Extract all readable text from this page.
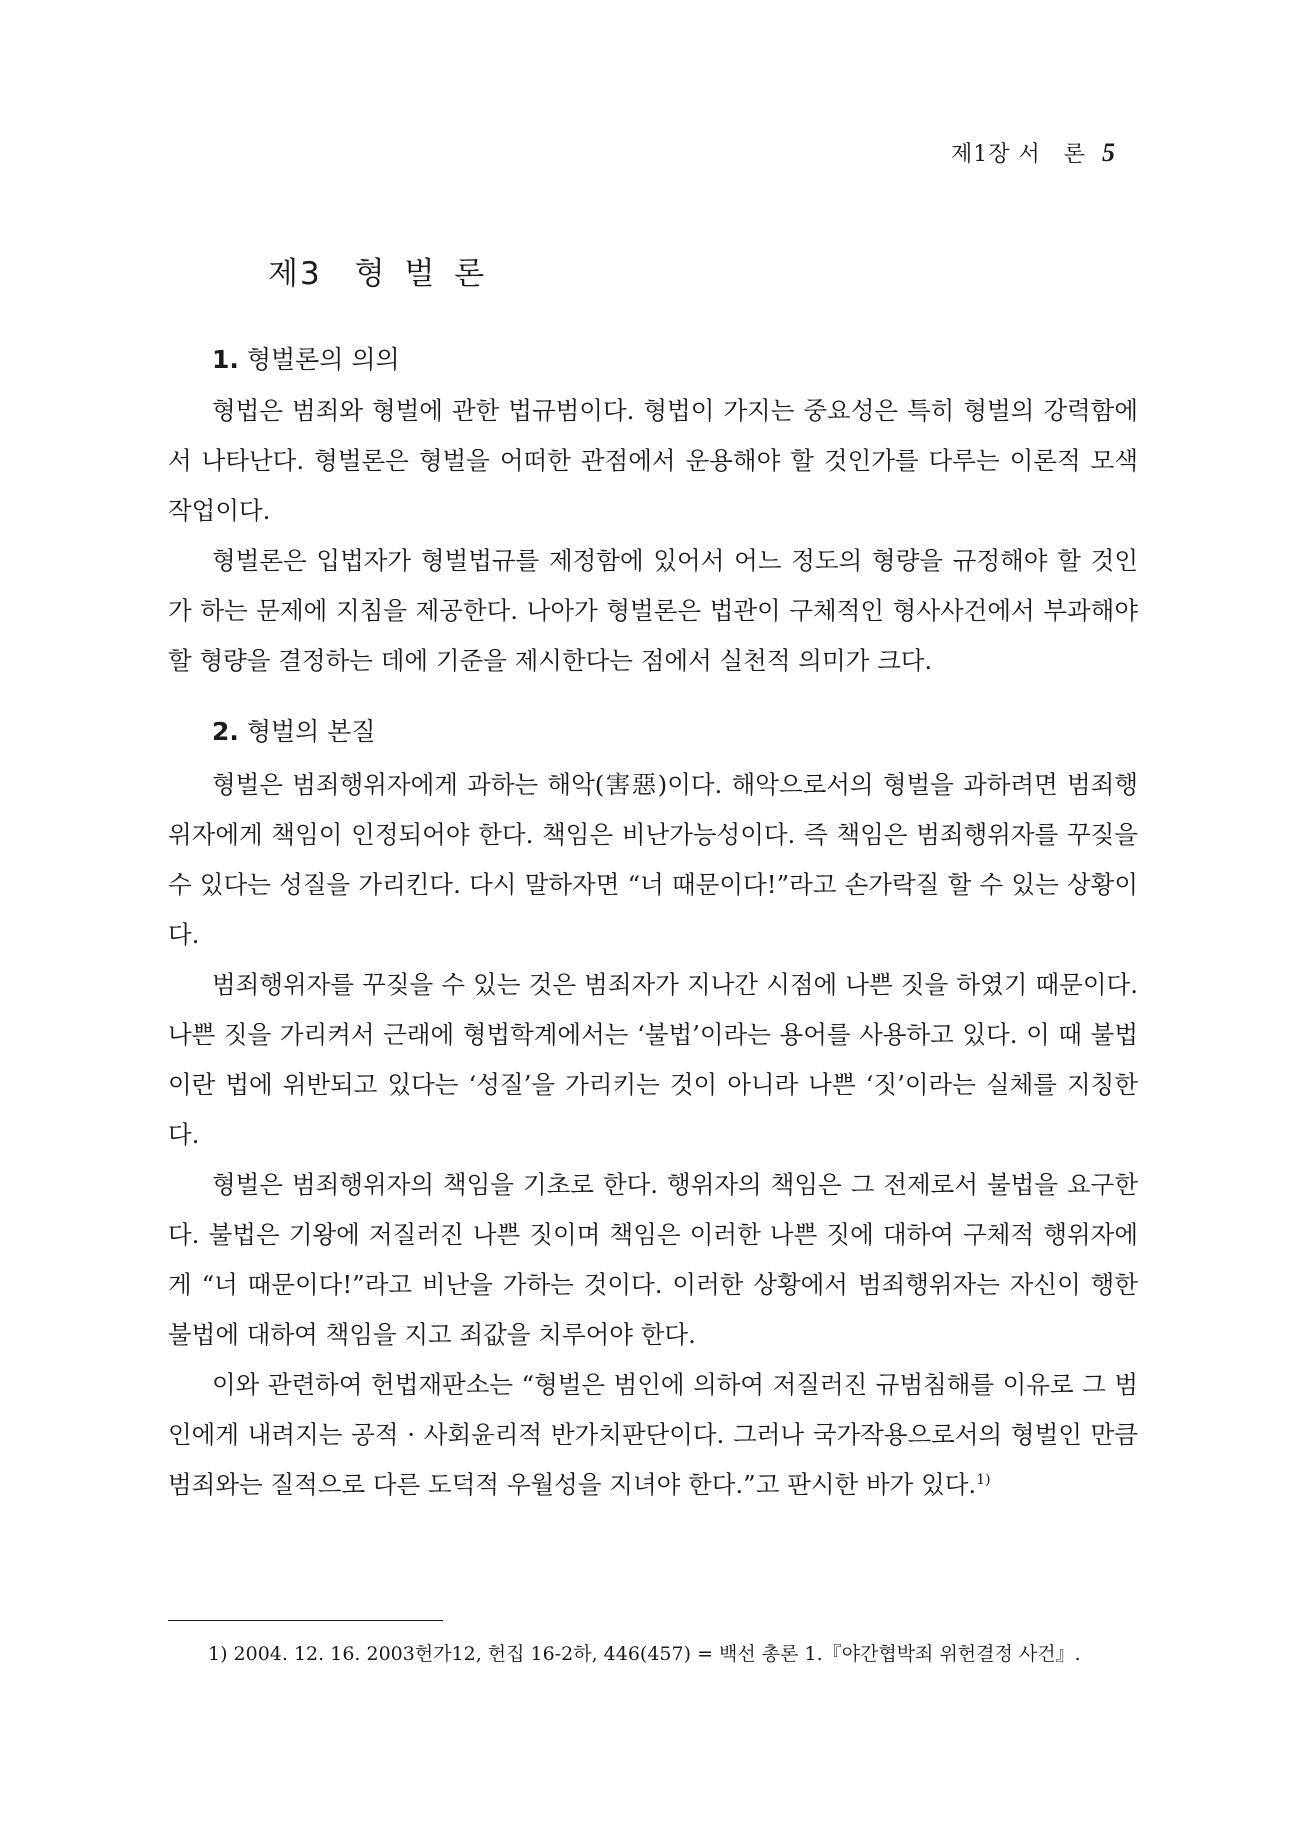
제1장 서　론 5
제3　형 벌 론
1. 형벌론의 의의

형법은 범죄와 형벌에 관한 법규범이다. 형법이 가지는 중요성은 특히 형벌의 강력함에서 나타난다. 형벌론은 형벌을 어떠한 관점에서 운용해야 할 것인가를 다루는 이론적 모색 작업이다.

형벌론은 입법자가 형벌법규를 제정함에 있어서 어느 정도의 형량을 규정해야 할 것인가 하는 문제에 지침을 제공한다. 나아가 형벌론은 법관이 구체적인 형사사건에서 부과해야 할 형량을 결정하는 데에 기준을 제시한다는 점에서 실천적 의미가 크다.

2. 형벌의 본질

형벌은 범죄행위자에게 과하는 해악(害惡)이다. 해악으로서의 형벌을 과하려면 범죄행위자에게 책임이 인정되어야 한다. 책임은 비난가능성이다. 즉 책임은 범죄행위자를 꾸짖을 수 있다는 성질을 가리킨다. 다시 말하자면 “너 때문이다!”라고 손가락질 할 수 있는 상황이다.

범죄행위자를 꾸짖을 수 있는 것은 범죄자가 지나간 시점에 나쁜 짓을 하였기 때문이다. 나쁜 짓을 가리켜서 근래에 형법학계에서는 ‘불법’이라는 용어를 사용하고 있다. 이 때 불법이란 법에 위반되고 있다는 ‘성질’을 가리키는 것이 아니라 나쁜 ‘짓’이라는 실체를 지칭한다.

형벌은 범죄행위자의 책임을 기초로 한다. 행위자의 책임은 그 전제로서 불법을 요구한다. 불법은 기왕에 저질러진 나쁜 짓이며 책임은 이러한 나쁜 짓에 대하여 구체적 행위자에게 “너 때문이다!”라고 비난을 가하는 것이다. 이러한 상황에서 범죄행위자는 자신이 행한 불법에 대하여 책임을 지고 죄값을 치루어야 한다.

이와 관련하여 헌법재판소는 “형벌은 범인에 의하여 저질러진 규범침해를 이유로 그 범인에게 내려지는 공적 · 사회윤리적 반가치판단이다. 그러나 국가작용으로서의 형벌인 만큼 범죄와는 질적으로 다른 도덕적 우월성을 지녀야 한다.”고 판시한 바가 있다.$^{1)}$

1) 2004. 12. 16. 2003헌가12, 헌집 16-2하, 446(457) = 백선 총론 1.『야간협박죄 위헌결정 사건』.
